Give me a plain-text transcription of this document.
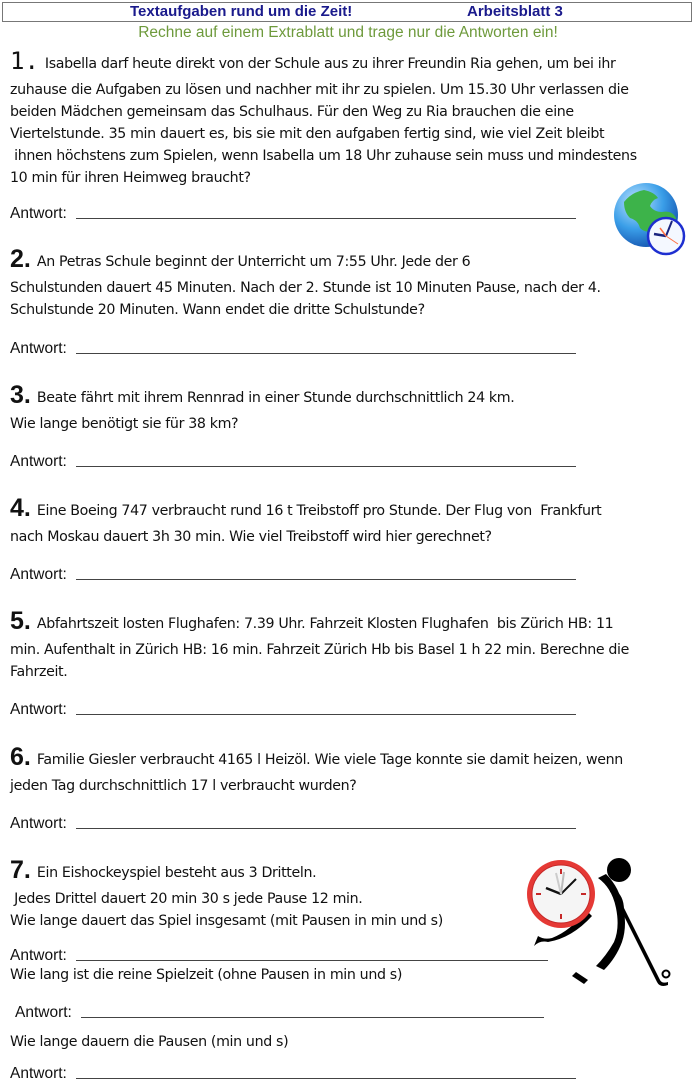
Textaufgaben rund um die Zeit!	Arbeitsblatt 3
Rechne auf einem Extrablatt und trage nur die Antworten ein!
1. Isabella darf heute direkt von der Schule aus zu ihrer Freundin Ria gehen, um bei ihr
zuhause die Aufgaben zu lösen und nachher mit ihr zu spielen. Um 15.30 Uhr verlassen die
beiden Mädchen gemeinsam das Schulhaus. Für den Weg zu Ria brauchen die eine
Viertelstunde. 35 min dauert es, bis sie mit den aufgaben fertig sind, wie viel Zeit bleibt
ihnen höchstens zum Spielen, wenn Isabella um 18 Uhr zuhause sein muss und mindestens
10 min für ihren Heimweg braucht?
Antwort:
2. An Petras Schule beginnt der Unterricht um 7:55 Uhr. Jede der 6
Schulstunden dauert 45 Minuten. Nach der 2. Stunde ist 10 Minuten Pause, nach der 4.
Schulstunde 20 Minuten. Wann endet die dritte Schulstunde?
Antwort:
3. Beate fährt mit ihrem Rennrad in einer Stunde durchschnittlich 24 km.
Wie lange benötigt sie für 38 km?
Antwort:
4. Eine Boeing 747 verbraucht rund 16 t Treibstoff pro Stunde. Der Flug von  Frankfurt
nach Moskau dauert 3h 30 min. Wie viel Treibstoff wird hier gerechnet?
Antwort:
5. Abfahrtszeit losten Flughafen: 7.39 Uhr. Fahrzeit Klosten Flughafen  bis Zürich HB: 11
min. Aufenthalt in Zürich HB: 16 min. Fahrzeit Zürich Hb bis Basel 1 h 22 min. Berechne die
Fahrzeit.
Antwort:
6. Familie Giesler verbraucht 4165 l Heizöl. Wie viele Tage konnte sie damit heizen, wenn
jeden Tag durchschnittlich 17 l verbraucht wurden?
Antwort:
7. Ein Eishockeyspiel besteht aus 3 Dritteln.
Jedes Drittel dauert 20 min 30 s jede Pause 12 min.
Wie lange dauert das Spiel insgesamt (mit Pausen in min und s)
Antwort:
Wie lang ist die reine Spielzeit (ohne Pausen in min und s)
Antwort:
Wie lange dauern die Pausen (min und s)
Antwort:
